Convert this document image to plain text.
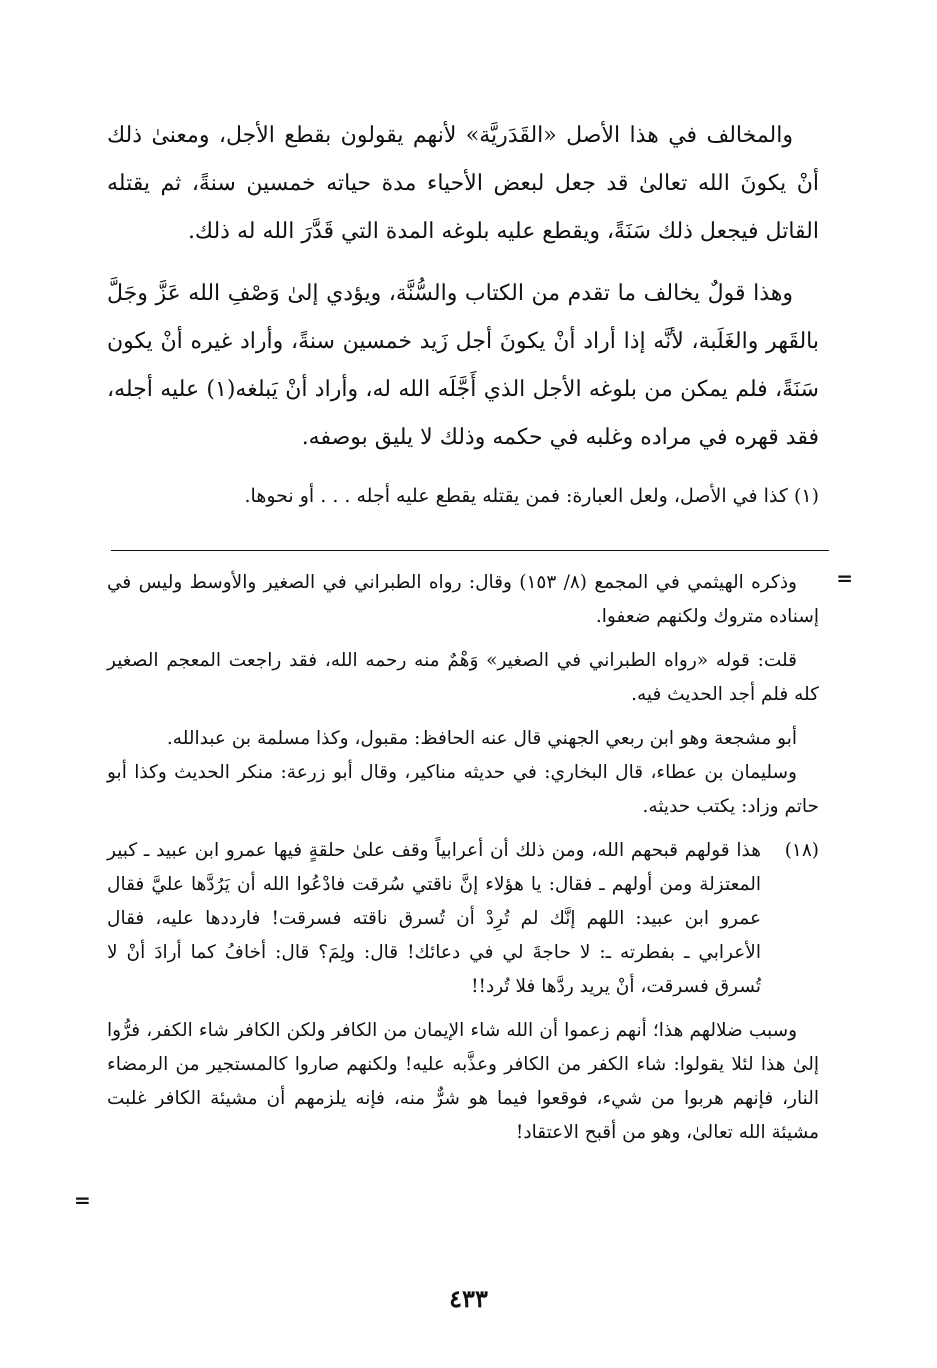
والمخالف في هذا الأصل «القَدَريَّة» لأنهم يقولون بقطع الأجل، ومعنىٰ ذلك أنْ يكونَ الله تعالىٰ قد جعل لبعض الأحياء مدة حياته خمسين سنةً، ثم يقتله القاتل فيجعل ذلك سَنَةً، ويقطع عليه بلوغه المدة التي قَدَّرَ الله له ذلك.

وهذا قولٌ يخالف ما تقدم من الكتاب والسُّنَّة، ويؤدي إلىٰ وَصْفِ الله عَزَّ وجَلَّ بالقَهر والغَلَبة، لأنَّه إذا أراد أنْ يكونَ أجل زَيد خمسين سنةً، وأراد غيره أنْ يكون سَنَةً، فلم يمكن من بلوغه الأجل الذي أَجَّلَه الله له، وأراد أنْ يَبلغه(١) عليه أجله، فقد قهره في مراده وغلبه في حكمه وذلك لا يليق بوصفه.

(١) كذا في الأصل، ولعل العبارة: فمن يقتله يقطع عليه أجله . . . أو نحوها.
=

وذكره الهيثمي في المجمع (٨/ ١٥٣) وقال: رواه الطبراني في الصغير والأوسط وليس في إسناده متروك ولكنهم ضعفوا.

قلت: قوله «رواه الطبراني في الصغير» وَهْمٌ منه رحمه الله، فقد راجعت المعجم الصغير كله فلم أجد الحديث فيه.

أبو مشجعة وهو ابن ربعي الجهني قال عنه الحافظ: مقبول، وكذا مسلمة بن عبدالله.

وسليمان بن عطاء، قال البخاري: في حديثه مناكير، وقال أبو زرعة: منكر الحديث وكذا أبو حاتم وزاد: يكتب حديثه.

(١٨)
هذا قولهم قبحهم الله، ومن ذلك أن أعرابياً وقف علىٰ حلقةٍ فيها عمرو ابن عبيد ـ كبير المعتزلة ومن أولهم ـ فقال: يا هؤلاء إنَّ ناقتي سُرقت فادْعُوا الله أن يَرُدَّها عليَّ فقال عمرو ابن عبيد: اللهم إنَّك لم تُرِدْ أن تُسرق ناقته فسرقت! فارددها عليه، فقال الأعرابي ـ بفطرته ـ: لا حاجةَ لي في دعائك! قال: ولِمَ؟ قال: أخافُ كما أرادَ أنْ لا تُسرق فسرقت، أنْ يريد ردَّها فلا تُرد!!

وسبب ضلالهم هذا؛ أنهم زعموا أن الله شاء الإيمان من الكافر ولكن الكافر شاء الكفر، فرُّوا إلىٰ هذا لئلا يقولوا: شاء الكفر من الكافر وعذَّبه عليه! ولكنهم صاروا كالمستجير من الرمضاء النار، فإنهم هربوا من شيء، فوقعوا فيما هو شرٌّ منه، فإنه يلزمهم أن مشيئة الكافر غلبت مشيئة الله تعالىٰ، وهو من أقبح الاعتقاد!

=
٤٣٣
